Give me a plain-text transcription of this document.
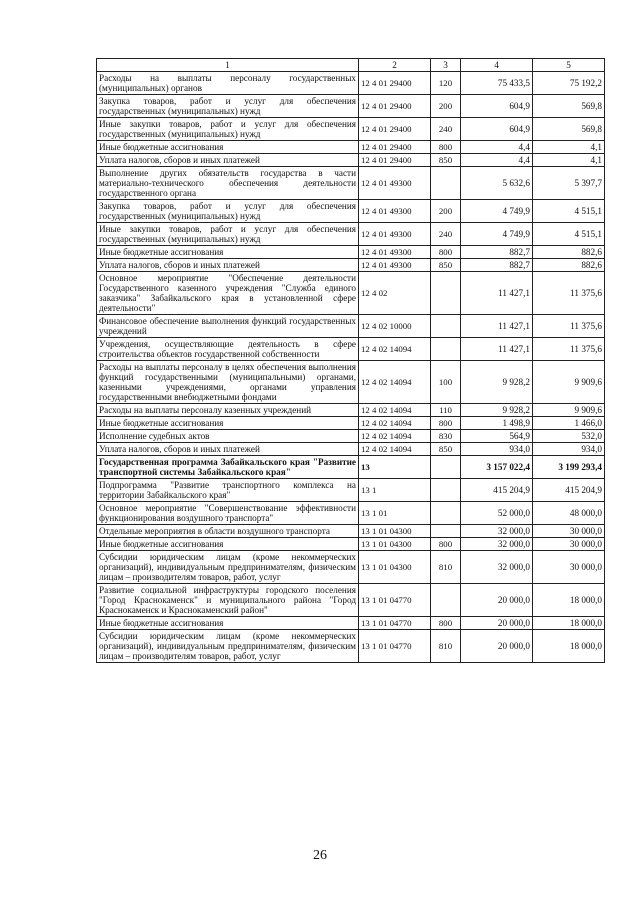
1	2	3	4	5
Расходы на выплаты персоналу государственных (муниципальных) органов	12 4 01 29400	120	75 433,5	75 192,2
Закупка товаров, работ и услуг для обеспечения государственных (муниципальных) нужд	12 4 01 29400	200	604,9	569,8
Иные закупки товаров, работ и услуг для обеспечения государственных (муниципальных) нужд	12 4 01 29400	240	604,9	569,8
Иные бюджетные ассигнования	12 4 01 29400	800	4,4	4,1
Уплата налогов, сборов и иных платежей	12 4 01 29400	850	4,4	4,1
Выполнение других обязательств государства в части материально-технического обеспечения деятельности государственного органа	12 4 01 49300		5 632,6	5 397,7
Закупка товаров, работ и услуг для обеспечения государственных (муниципальных) нужд	12 4 01 49300	200	4 749,9	4 515,1
Иные закупки товаров, работ и услуг для обеспечения государственных (муниципальных) нужд	12 4 01 49300	240	4 749,9	4 515,1
Иные бюджетные ассигнования	12 4 01 49300	800	882,7	882,6
Уплата налогов, сборов и иных платежей	12 4 01 49300	850	882,7	882,6
Основное мероприятие "Обеспечение деятельности Государственного казенного учреждения "Служба единого заказчика" Забайкальского края в установленной сфере деятельности"	12 4 02		11 427,1	11 375,6
Финансовое обеспечение выполнения функций государственных учреждений	12 4 02 10000		11 427,1	11 375,6
Учреждения, осуществляющие деятельность в сфере строительства объектов государственной собственности	12 4 02 14094		11 427,1	11 375,6
Расходы на выплаты персоналу в целях обеспечения выполнения функций государственными (муниципальными) органами, казенными учреждениями, органами управления государственными внебюджетными фондами	12 4 02 14094	100	9 928,2	9 909,6
Расходы на выплаты персоналу казенных учреждений	12 4 02 14094	110	9 928,2	9 909,6
Иные бюджетные ассигнования	12 4 02 14094	800	1 498,9	1 466,0
Исполнение судебных актов	12 4 02 14094	830	564,9	532,0
Уплата налогов, сборов и иных платежей	12 4 02 14094	850	934,0	934,0
Государственная программа Забайкальского края "Развитие транспортной системы Забайкальского края"	13		3 157 022,4	3 199 293,4
Подпрограмма "Развитие транспортного комплекса на территории Забайкальского края"	13 1		415 204,9	415 204,9
Основное мероприятие "Совершенствование эффективности функционирования воздушного транспорта"	13 1 01		52 000,0	48 000,0
Отдельные мероприятия в области воздушного транспорта	13 1 01 04300		32 000,0	30 000,0
Иные бюджетные ассигнования	13 1 01 04300	800	32 000,0	30 000,0
Субсидии юридическим лицам (кроме некоммерческих организаций), индивидуальным предпринимателям, физическим лицам – производителям товаров, работ, услуг	13 1 01 04300	810	32 000,0	30 000,0
Развитие социальной инфраструктуры городского поселения "Город Краснокаменск" и муниципального района "Город Краснокаменск и Краснокаменский район"	13 1 01 04770		20 000,0	18 000,0
Иные бюджетные ассигнования	13 1 01 04770	800	20 000,0	18 000,0
Субсидии юридическим лицам (кроме некоммерческих организаций), индивидуальным предпринимателям, физическим лицам – производителям товаров, работ, услуг	13 1 01 04770	810	20 000,0	18 000,0
26
